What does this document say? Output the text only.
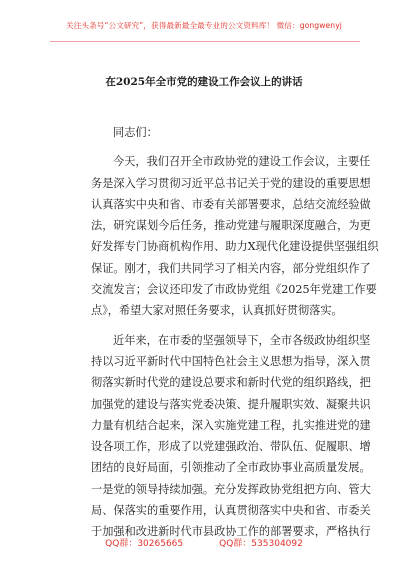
关注头条号“公文研究”，获得最新最全最专业的公文资料库！ 微信：gongwenyj
在2025年全市党的建设工作会议上的讲话
同志们：
今天，我们召开全市政协党的建设工作会议，主要任
务是深入学习贯彻习近平总书记关于党的建设的重要思想
认真落实中央和省、市委有关部署要求，总结交流经验做
法，研究谋划今后任务，推动党建与履职深度融合，为更
好发挥专门协商机构作用、助力X现代化建设提供坚强组织
保证。刚才，我们共同学习了相关内容，部分党组织作了
交流发言；会议还印发了市政协党组《2025年党建工作要
点》，希望大家对照任务要求，认真抓好贯彻落实。
近年来，在市委的坚强领导下，全市各级政协组织坚
持以习近平新时代中国特色社会主义思想为指导，深入贯
彻落实新时代党的建设总要求和新时代党的组织路线，把
加强党的建设与落实党委决策、提升履职实效、凝聚共识
力量有机结合起来，深入实施党建工程，扎实推进党的建
设各项工作，形成了以党建强政治、带队伍、促履职、增
团结的良好局面，引领推动了全市政协事业高质量发展。
一是党的领导持续加强。充分发挥政协党组把方向、管大
局、保落实的重要作用，认真贯彻落实中央和省、市委关
于加强和改进新时代市县政协工作的部署要求，严格执行
QQ群：30265665	QQ群：535304092
